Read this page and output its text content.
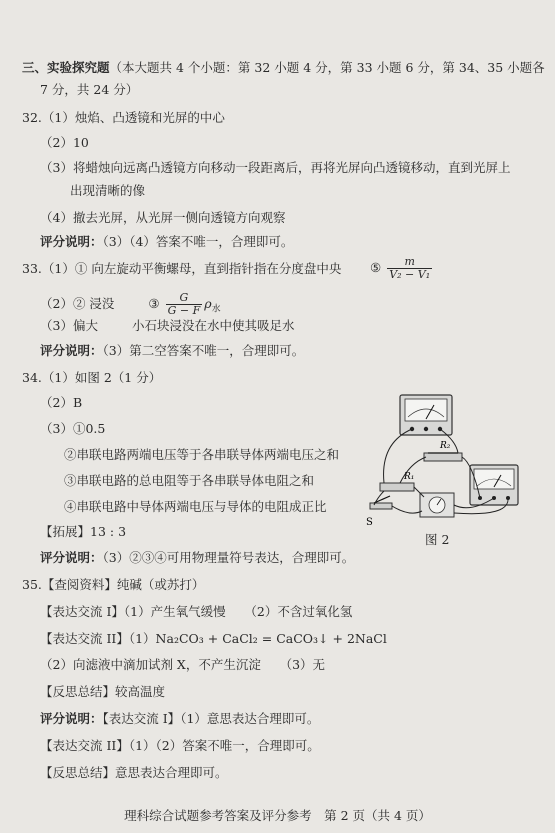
三、实验探究题（本大题共 4 个小题：第 32 小题 4 分，第 33 小题 6 分，第 34、35 小题各
7 分，共 24 分）
32.（1）烛焰、凸透镜和光屏的中心
（2）10
（3）将蜡烛向远离凸透镜方向移动一段距离后，再将光屏向凸透镜移动，直到光屏上
出现清晰的像
（4）撤去光屏，从光屏一侧向透镜方向观察
评分说明：（3）（4）答案不唯一，合理即可。
33.（1）① 向左旋动平衡螺母，直到指针指在分度盘中央 ⑤ $\frac{m}{\text{V₂ − V₁}}$
（2）② 浸没	③ $\frac{G}{G - F} \rho_水$
（3）偏大	小石块浸没在水中使其吸足水
评分说明：（3）第二空答案不唯一，合理即可。
34.（1）如图 2（1 分）
（2）B
（3）①0.5
②串联电路两端电压等于各串联导体两端电压之和
③串联电路的总电阻等于各串联导体电阻之和
④串联电路中导体两端电压与导体的电阻成正比
【拓展】13 : 3
评分说明：（3）②③④可用物理量符号表达，合理即可。
R₁
R₂
S
图 2
35.【查阅资料】纯碱（或苏打）
【表达交流 I】（1）产生氧气缓慢　　（2）不含过氧化氢
【表达交流 II】（1）Na₂CO₃ + CaCl₂ = CaCO₃↓ + 2NaCl
（2）向滤液中滴加试剂 X，不产生沉淀　　（3）无
【反思总结】较高温度
评分说明：【表达交流 I】（1）意思表达合理即可。
【表达交流 II】（1）（2）答案不唯一，合理即可。
【反思总结】意思表达合理即可。
理科综合试题参考答案及评分参考　第 2 页（共 4 页）
